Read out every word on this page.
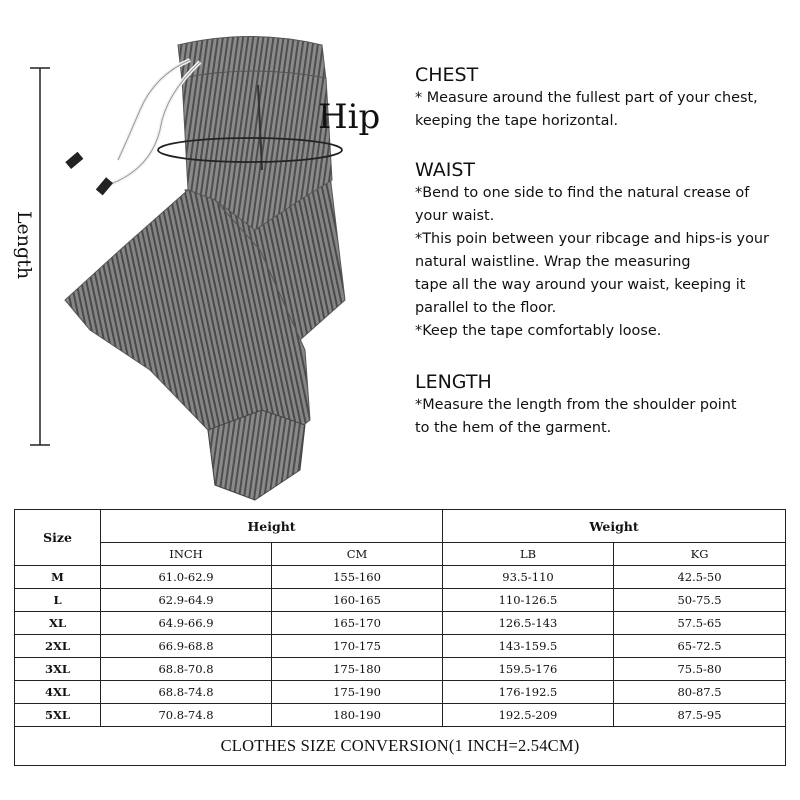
Length
Hip
CHEST
* Measure around the fullest part of your chest,
keeping the tape horizontal.
WAIST
*Bend to one side to find the natural crease of
your waist.
*This poin between your ribcage and hips-is your
natural waistline. Wrap the measuring
tape all the way around your waist, keeping it
parallel to the floor.
*Keep the tape comfortably loose.
LENGTH
*Measure the length from the shoulder point
to the hem of the garment.
Size	Height		Weight	
	INCH	CM	LB	KG
M	61.0-62.9	155-160	93.5-110	42.5-50
L	62.9-64.9	160-165	110-126.5	50-75.5
XL	64.9-66.9	165-170	126.5-143	57.5-65
2XL	66.9-68.8	170-175	143-159.5	65-72.5
3XL	68.8-70.8	175-180	159.5-176	75.5-80
4XL	68.8-74.8	175-190	176-192.5	80-87.5
5XL	70.8-74.8	180-190	192.5-209	87.5-95
CLOTHES SIZE CONVERSION(1 INCH=2.54CM)				
